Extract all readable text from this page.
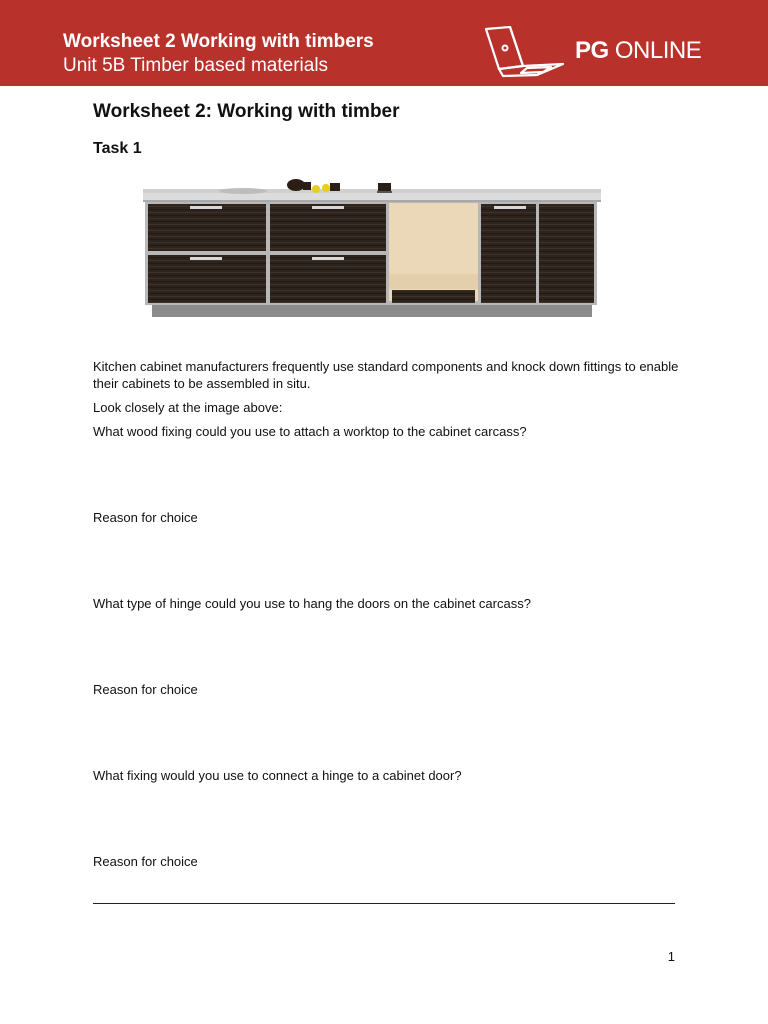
Worksheet 2 Working with timbers
Unit 5B Timber based materials
PG ONLINE
Worksheet 2: Working with timber
Task 1

Kitchen cabinet manufacturers frequently use standard components and knock down fittings to enable their cabinets to be assembled in situ.

Look closely at the image above:

What wood fixing could you use to attach a worktop to the cabinet carcass?

Reason for choice

What type of hinge could you use to hang the doors on the cabinet carcass?

Reason for choice

What fixing would you use to connect a hinge to a cabinet door?

Reason for choice

1
